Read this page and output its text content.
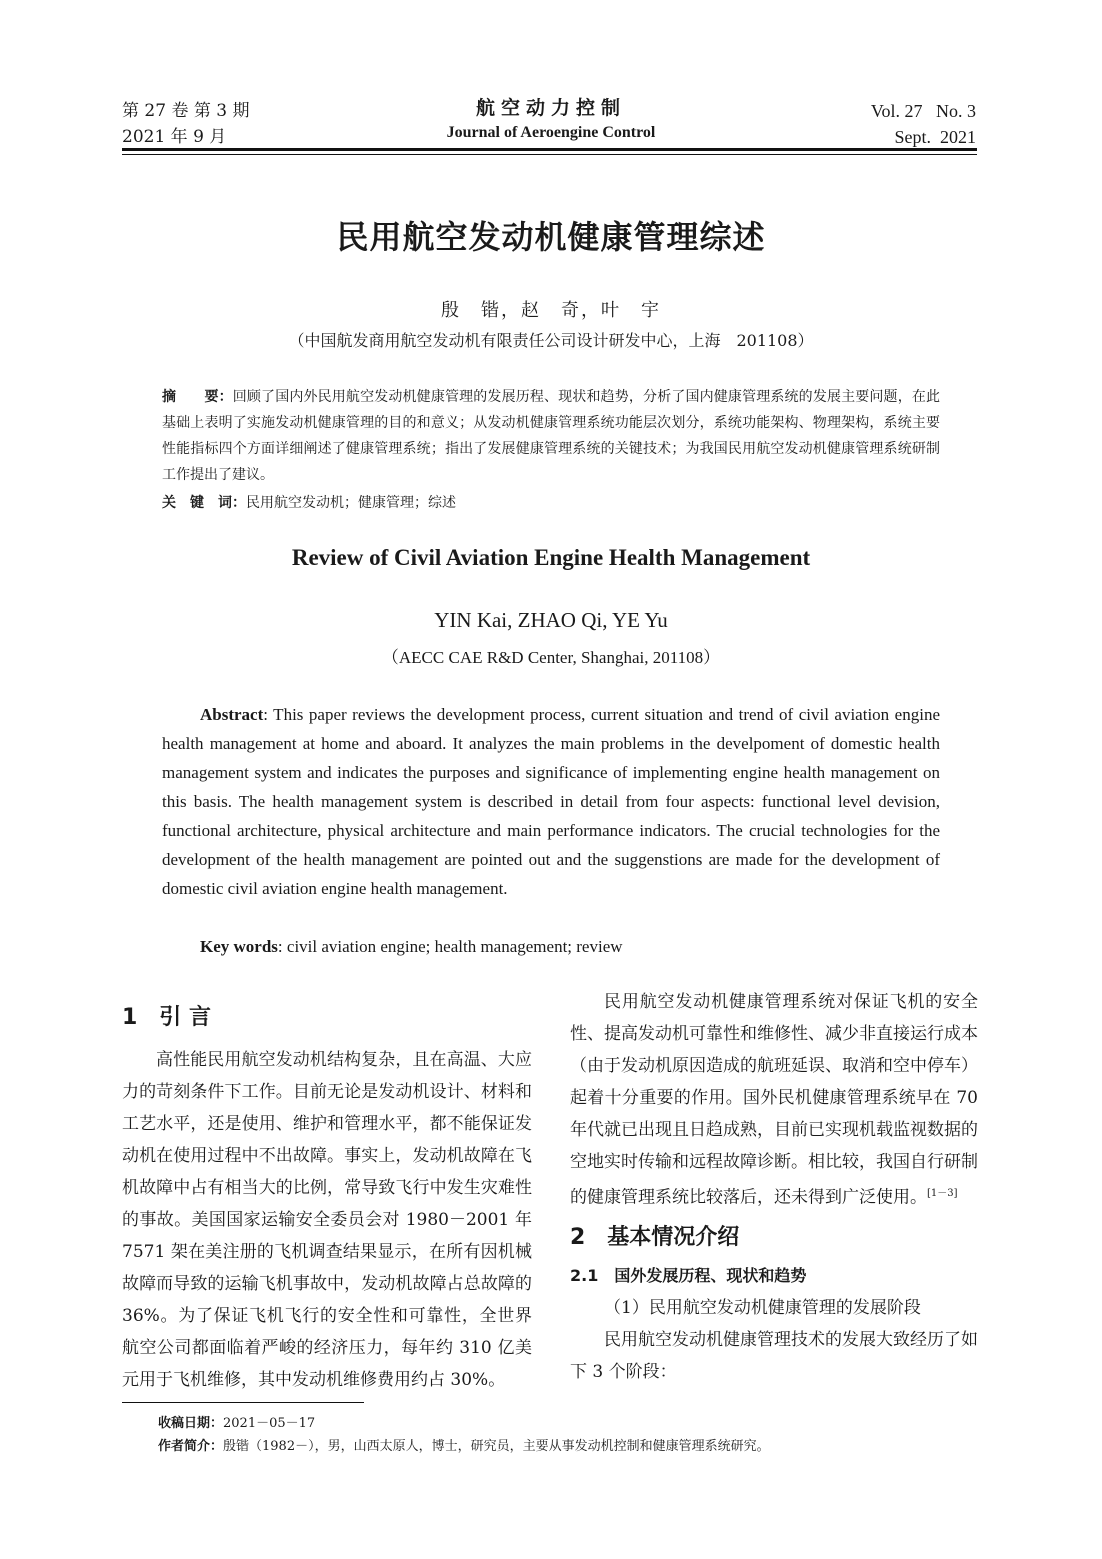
第 27 卷 第 3 期
2021 年 9 月
航空动力控制
Journal of Aeroengine Control
Vol. 27   No. 3
Sept.  2021
民用航空发动机健康管理综述
殷　锴，赵　奇，叶　宇
（中国航发商用航空发动机有限责任公司设计研发中心，上海　201108）
摘　　要：回顾了国内外民用航空发动机健康管理的发展历程、现状和趋势，分析了国内健康管理系统的发展主要问题，在此基础上表明了实施发动机健康管理的目的和意义；从发动机健康管理系统功能层次划分，系统功能架构、物理架构，系统主要性能指标四个方面详细阐述了健康管理系统；指出了发展健康管理系统的关键技术；为我国民用航空发动机健康管理系统研制工作提出了建议。
关　键　词：民用航空发动机；健康管理；综述
Review of Civil Aviation Engine Health Management
YIN Kai, ZHAO Qi, YE Yu
（AECC CAE R&D Center, Shanghai, 201108）
Abstract: This paper reviews the development process, current situation and trend of civil aviation engine health management at home and aboard. It analyzes the main problems in the develpoment of domestic health management system and indicates the purposes and significance of implementing engine health management on this basis. The health management system is described in detail from four aspects: functional level devision, functional architecture, physical architecture and main performance indicators. The crucial technologies for the development of the health management are pointed out and the suggenstions are made for the development of domestic civil aviation engine health management.
Key words: civil aviation engine; health management; review
1　引 言
高性能民用航空发动机结构复杂，且在高温、大应力的苛刻条件下工作。目前无论是发动机设计、材料和工艺水平，还是使用、维护和管理水平，都不能保证发动机在使用过程中不出故障。事实上，发动机故障在飞机故障中占有相当大的比例，常导致飞行中发生灾难性的事故。美国国家运输安全委员会对 1980－2001 年 7571 架在美注册的飞机调查结果显示，在所有因机械故障而导致的运输飞机事故中，发动机故障占总故障的 36%。为了保证飞机飞行的安全性和可靠性，全世界航空公司都面临着严峻的经济压力，每年约 310 亿美元用于飞机维修，其中发动机维修费用约占 30%。
民用航空发动机健康管理系统对保证飞机的安全性、提高发动机可靠性和维修性、减少非直接运行成本（由于发动机原因造成的航班延误、取消和空中停车）起着十分重要的作用。国外民机健康管理系统早在 70 年代就已出现且日趋成熟，目前已实现机载监视数据的空地实时传输和远程故障诊断。相比较，我国自行研制的健康管理系统比较落后，还未得到广泛使用。[1－3]
2　基本情况介绍
2.1　国外发展历程、现状和趋势
（1）民用航空发动机健康管理的发展阶段
民用航空发动机健康管理技术的发展大致经历了如下 3 个阶段：
收稿日期：2021－05－17
作者简介：殷锴（1982－），男，山西太原人，博士，研究员，主要从事发动机控制和健康管理系统研究。
